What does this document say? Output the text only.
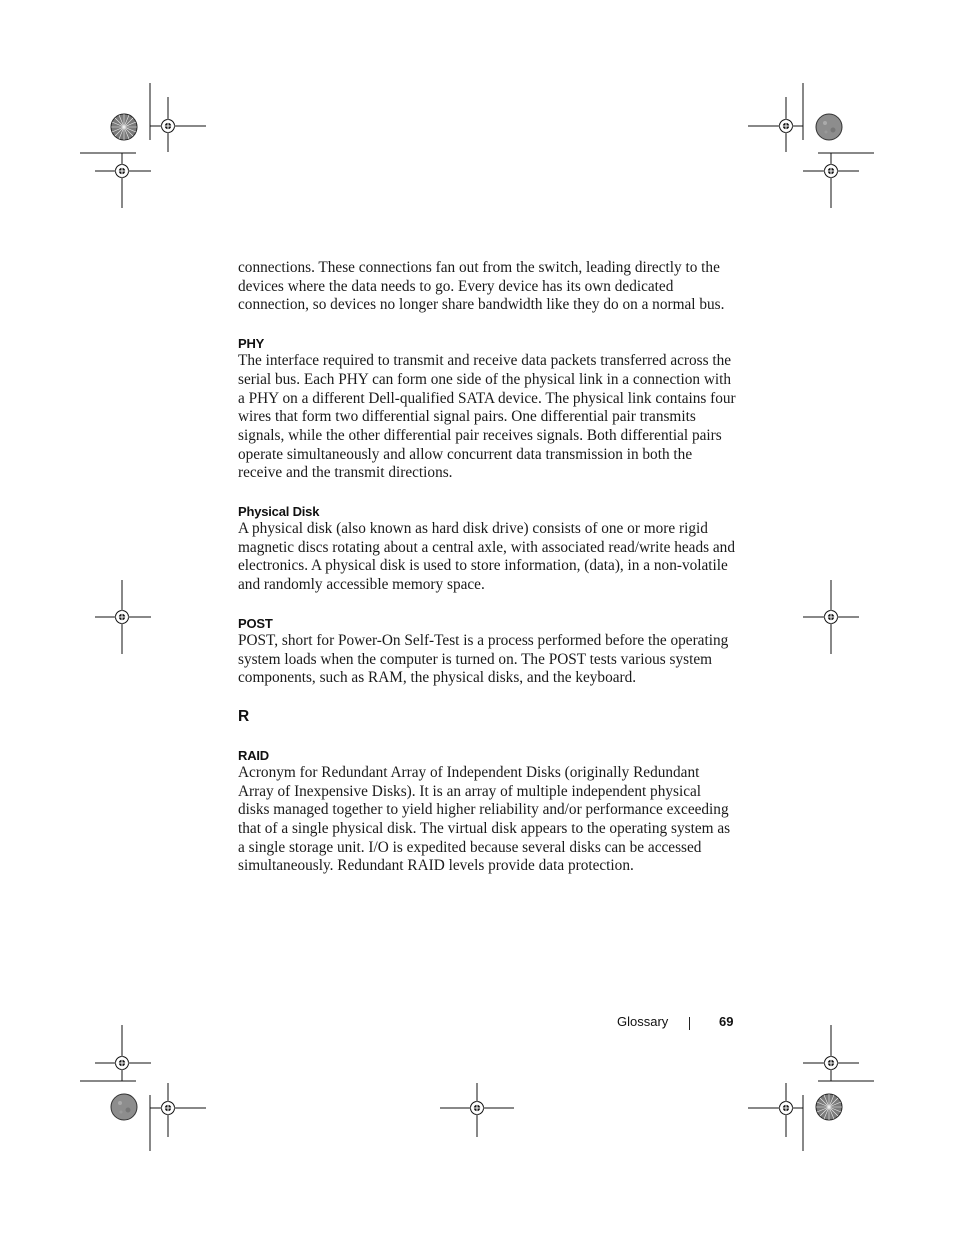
connections. These connections fan out from the switch, leading directly to the devices where the data needs to go. Every device has its own dedicated connection, so devices no longer share bandwidth like they do on a normal bus.

PHY

The interface required to transmit and receive data packets transferred across the serial bus. Each PHY can form one side of the physical link in a connection with a PHY on a different Dell-qualified SATA device. The physical link contains four wires that form two differential signal pairs. One differential pair transmits signals, while the other differential pair receives signals. Both differential pairs operate simultaneously and allow concurrent data transmission in both the receive and the transmit directions.

Physical Disk

A physical disk (also known as hard disk drive) consists of one or more rigid magnetic discs rotating about a central axle, with associated read/write heads and electronics. A physical disk is used to store information, (data), in a non-volatile and randomly accessible memory space.

POST

POST, short for Power-On Self-Test is a process performed before the operating system loads when the computer is turned on. The POST tests various system components, such as RAM, the physical disks, and the keyboard.

R
RAID

Acronym for Redundant Array of Independent Disks (originally Redundant Array of Inexpensive Disks). It is an array of multiple independent physical disks managed together to yield higher reliability and/or performance exceeding that of a single physical disk. The virtual disk appears to the operating system as a single storage unit. I/O is expedited because several disks can be accessed simultaneously. Redundant RAID levels provide data protection.

Glossary	69
